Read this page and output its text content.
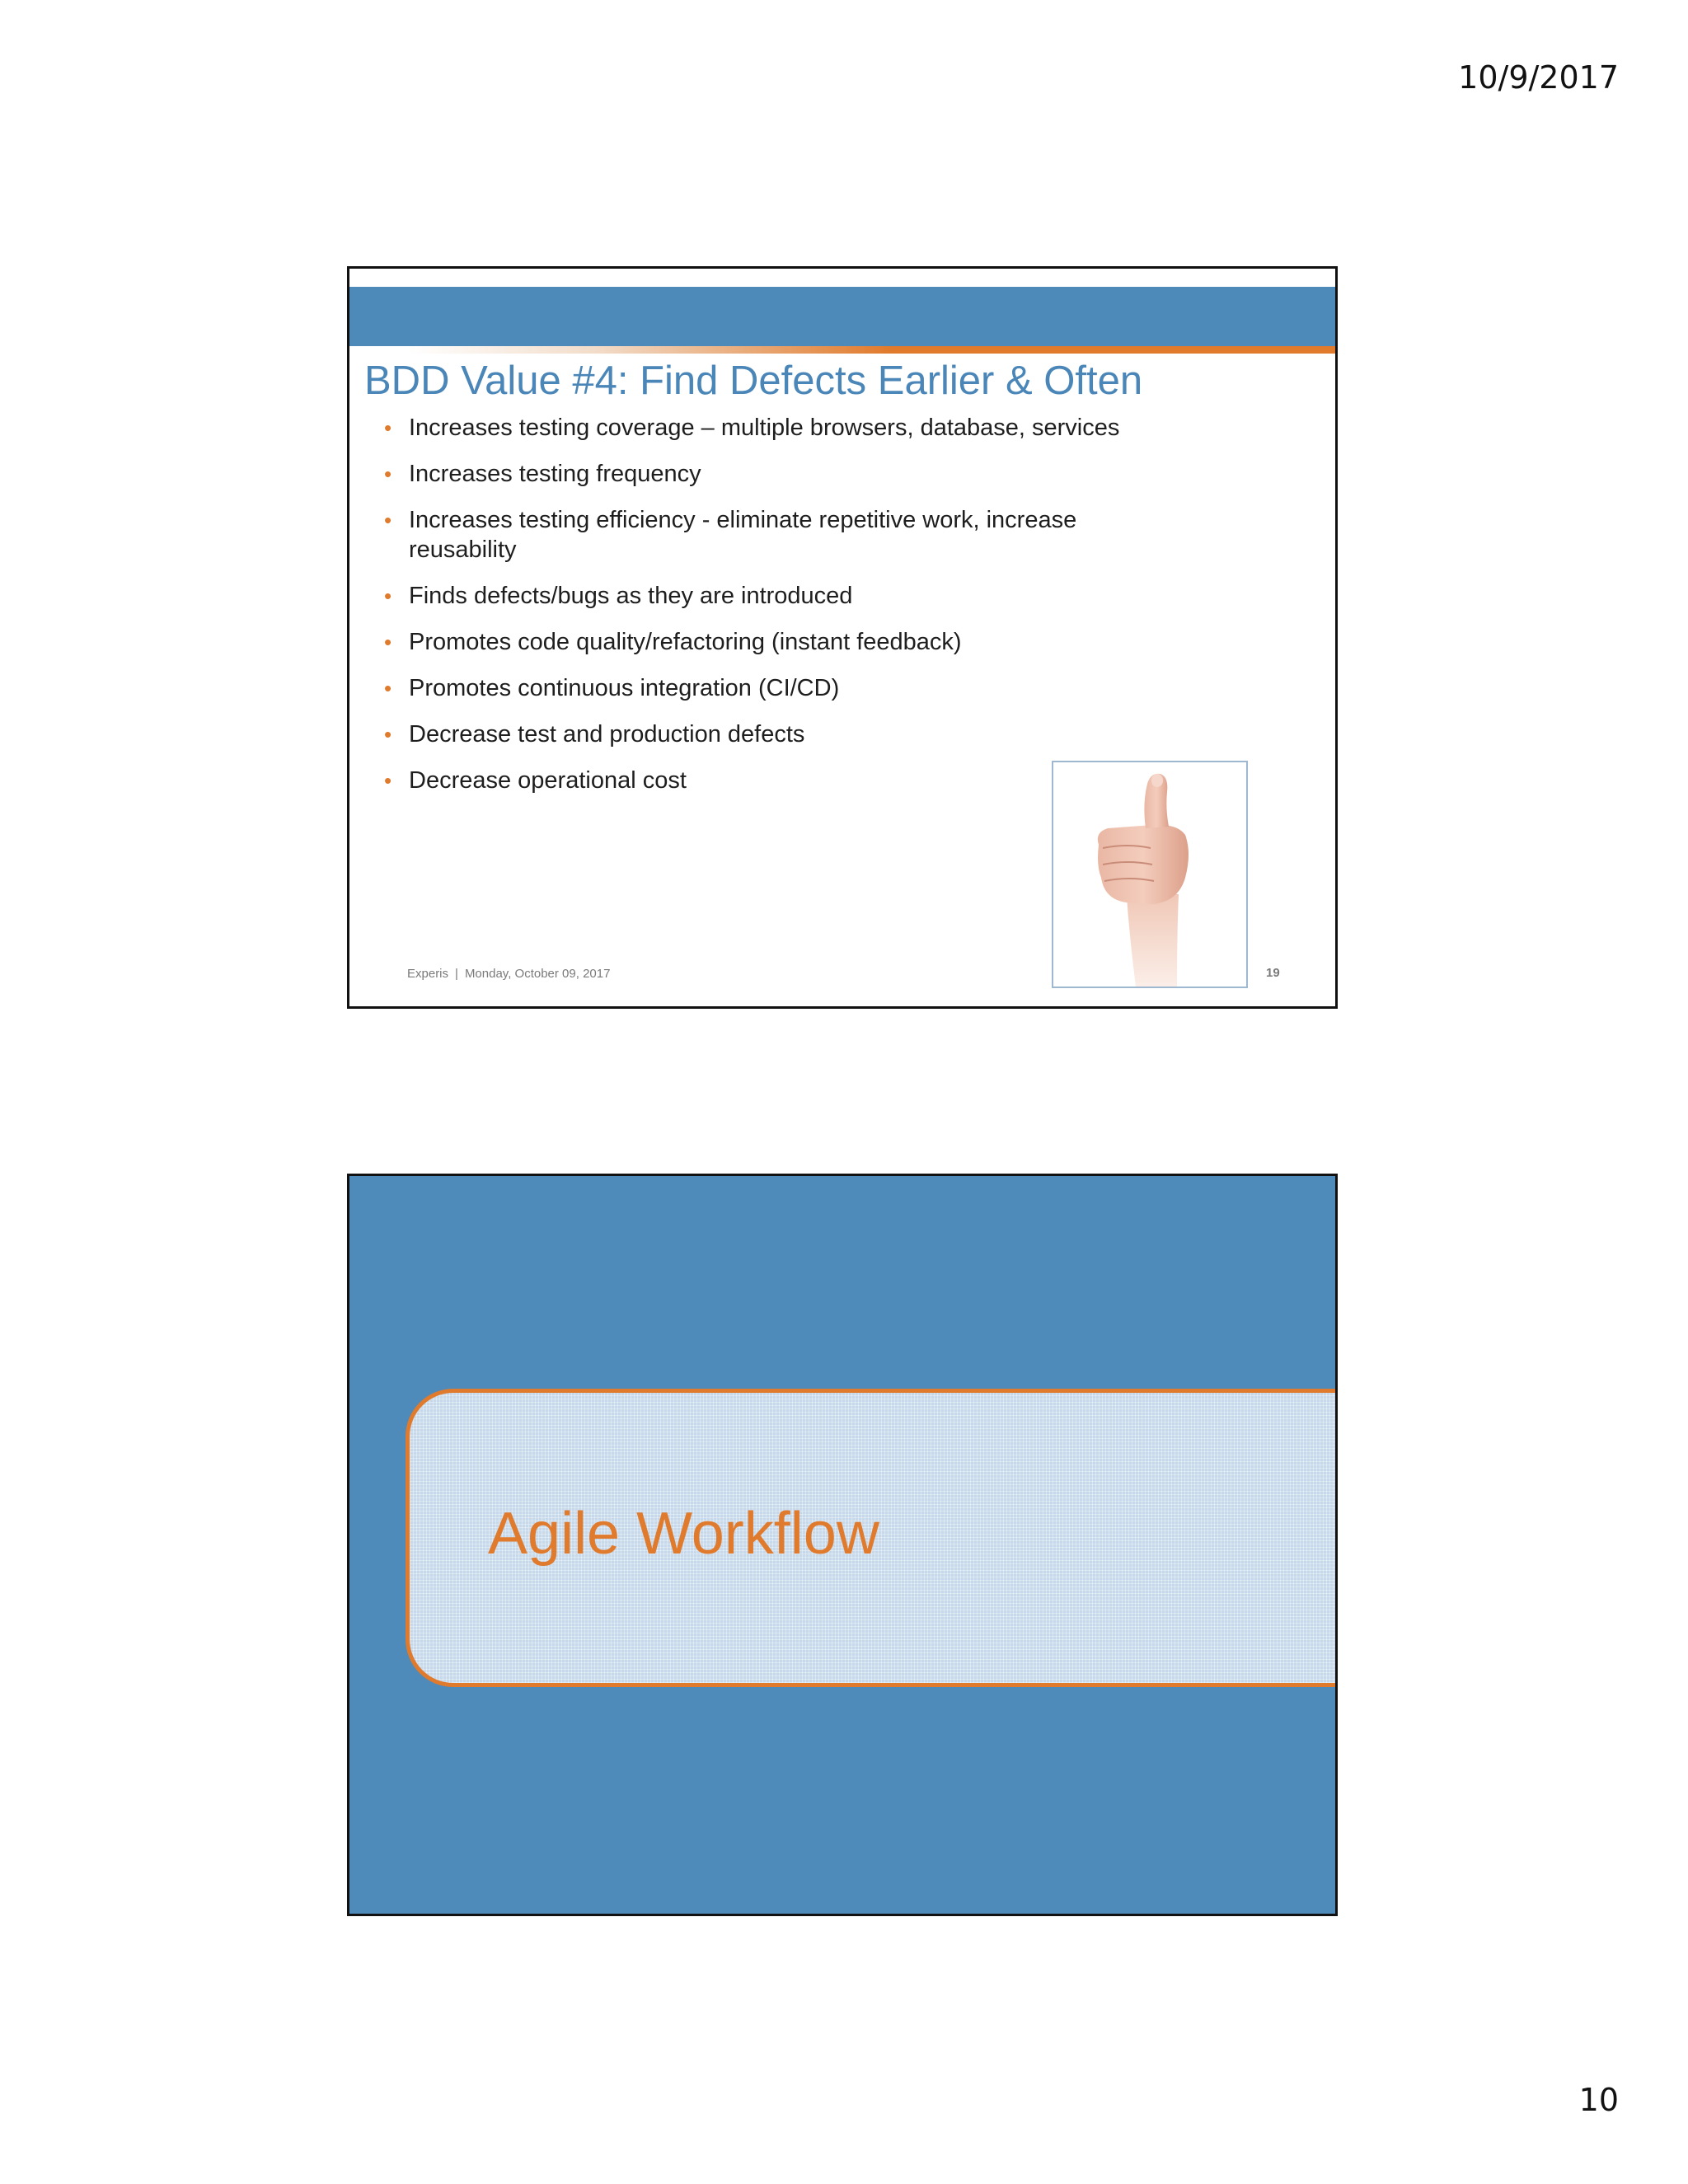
10/9/2017
BDD Value #4: Find Defects Earlier & Often
• Increases testing coverage – multiple browsers, database, services
• Increases testing frequency
• Increases testing efficiency - eliminate repetitive work, increase reusability
• Finds defects/bugs as they are introduced
• Promotes code quality/refactoring (instant feedback)
• Promotes continuous integration (CI/CD)
• Decrease test and production defects
• Decrease operational cost
Experis | Monday, October 09, 2017	19
Agile Workflow
10
